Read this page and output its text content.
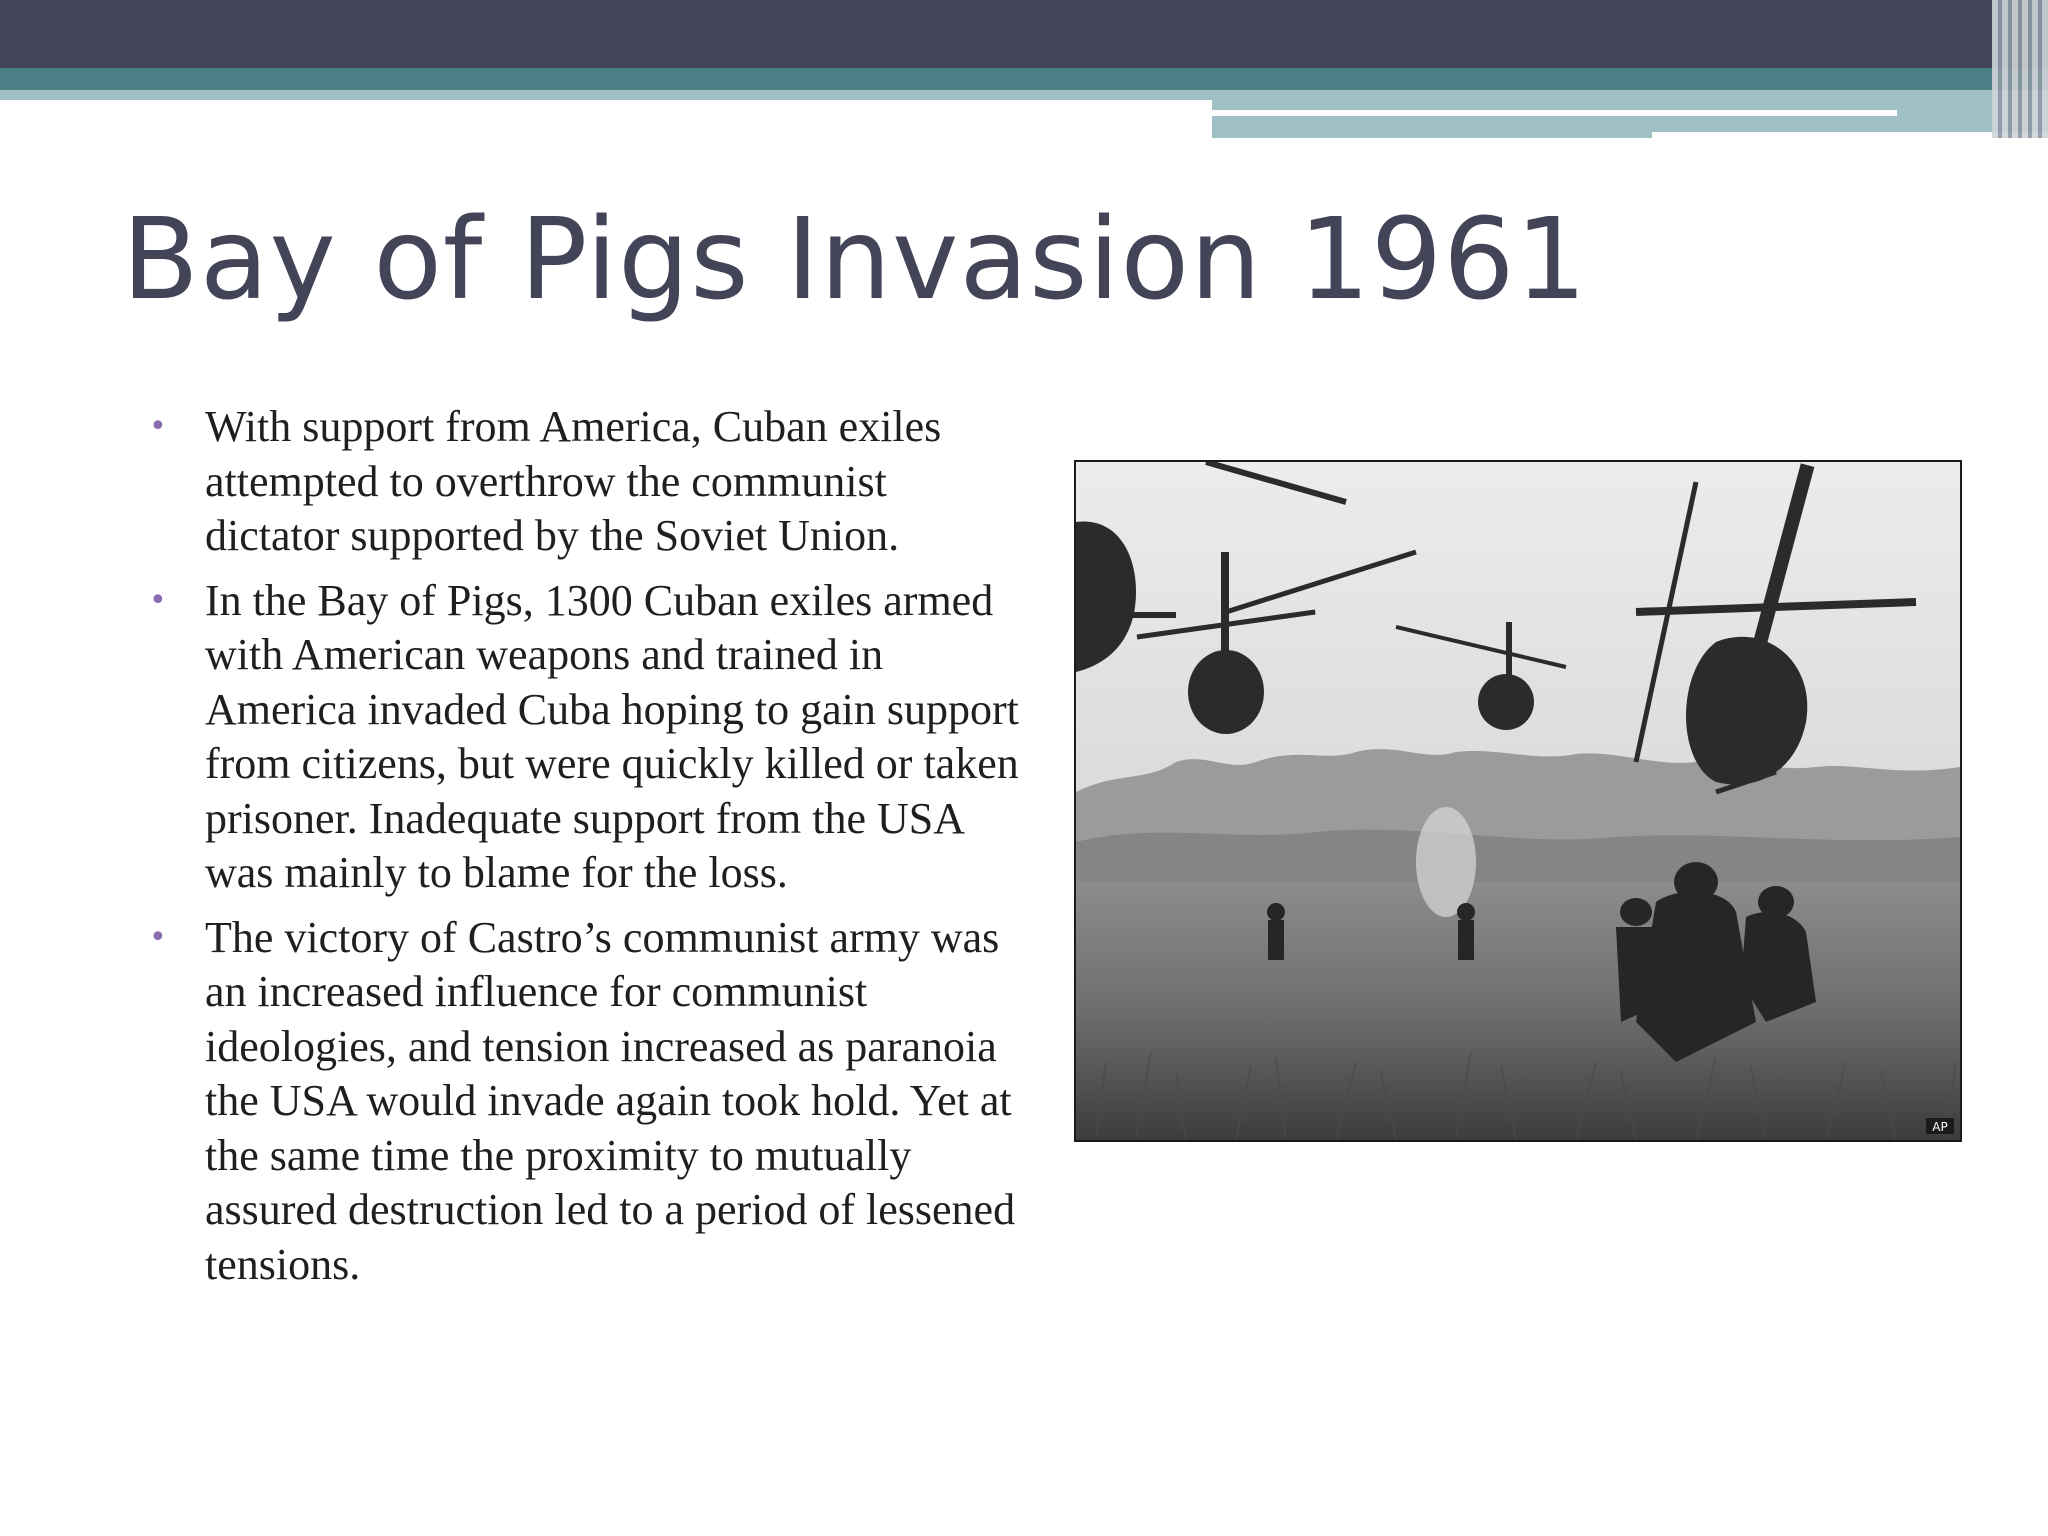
Bay of Pigs Invasion 1961
• With support from America, Cuban exiles attempted to overthrow the communist dictator supported by the Soviet Union.
• In the Bay of Pigs, 1300 Cuban exiles armed with American weapons and trained in America invaded Cuba hoping to gain support from citizens, but were quickly killed or taken prisoner. Inadequate support from the USA was mainly to blame for the loss.
• The victory of Castro’s communist army was an increased influence for communist ideologies, and tension increased as paranoia the USA would invade again took hold. Yet at the same time the proximity to mutually assured destruction led to a period of lessened tensions.
AP
